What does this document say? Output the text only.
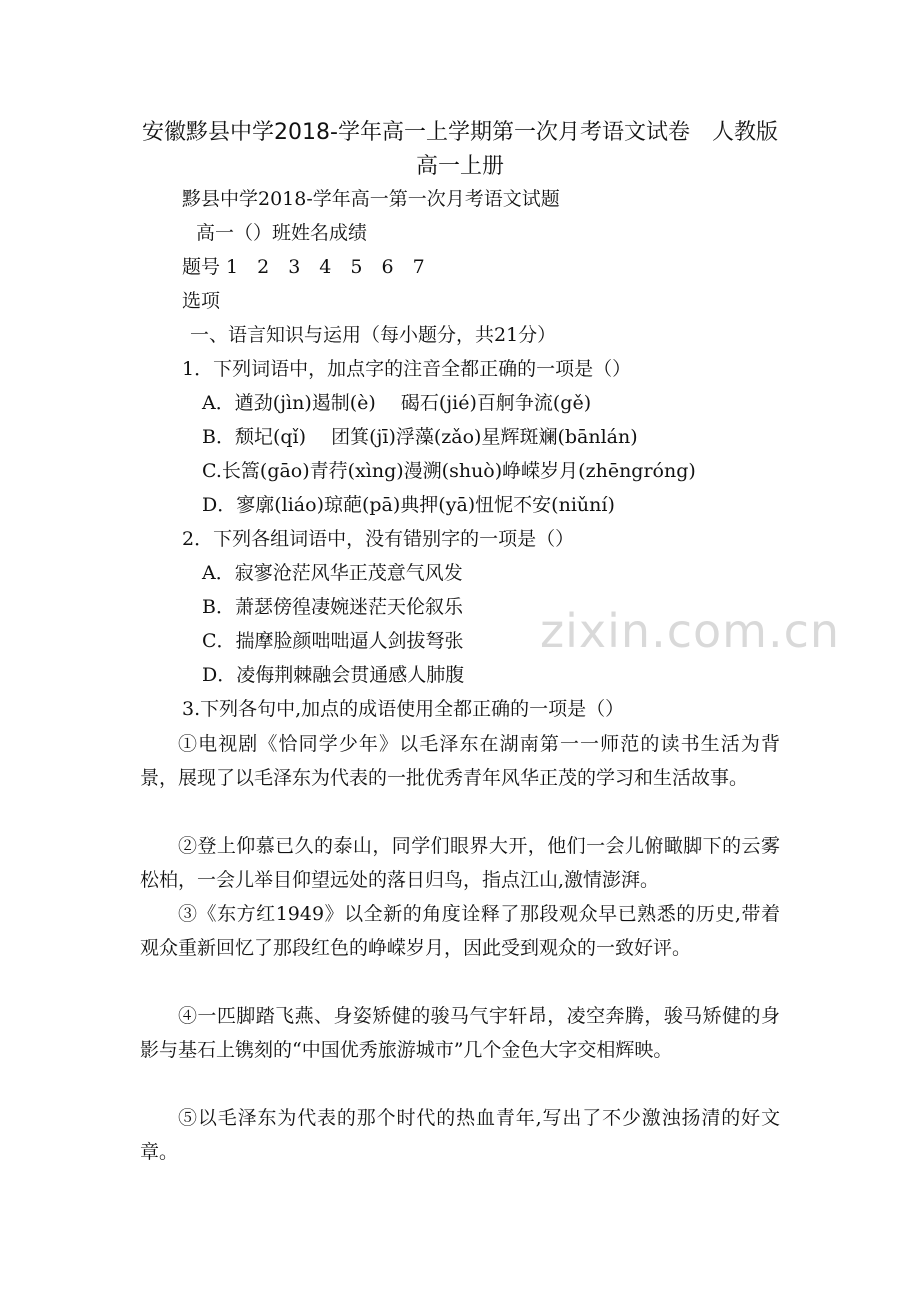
安徽黟县中学2018-学年高一上学期第一次月考语文试卷　人教版高一上册
黟县中学2018-学年高一第一次月考语文试题
高一（）班姓名成绩
题号 1　2　3　4　5　6　7
选项
一、语言知识与运用（每小题分，共21分）
1．下列词语中，加点字的注音全都正确的一项是（）
A．遒劲(jìn)遏制(è)　 碣石(jié)百舸争流(gě)
B．颓圮(qǐ)　 团箕(jī)浮藻(zǎo)星辉斑斓(bānlán)
C.长篙(gāo)青荇(xìng)漫溯(shuò)峥嵘岁月(zhēngróng)
D．寥廓(liáo)琼葩(pā)典押(yā)忸怩不安(niǔní)
2．下列各组词语中，没有错别字的一项是（）
A．寂寥沧茫风华正茂意气风发
B．萧瑟傍徨凄婉迷茫天伦叙乐
C．揣摩脸颜咄咄逼人剑拔弩张
D．凌侮荆棘融会贯通感人肺腹
3.下列各句中,加点的成语使用全都正确的一项是（）
①电视剧《恰同学少年》以毛泽东在湖南第一一师范的读书生活为背景，展现了以毛泽东为代表的一批优秀青年风华正茂的学习和生活故事。
②登上仰慕已久的泰山，同学们眼界大开，他们一会儿俯瞰脚下的云雾松柏，一会儿举目仰望远处的落日归鸟，指点江山,激情澎湃。
③《东方红1949》以全新的角度诠释了那段观众早已熟悉的历史,带着观众重新回忆了那段红色的峥嵘岁月，因此受到观众的一致好评。
④一匹脚踏飞燕、身姿矫健的骏马气宇轩昂，凌空奔腾，骏马矫健的身影与基石上镌刻的“中国优秀旅游城市”几个金色大字交相辉映。
⑤以毛泽东为代表的那个时代的热血青年,写出了不少激浊扬清的好文章。
zixin.com.cn
